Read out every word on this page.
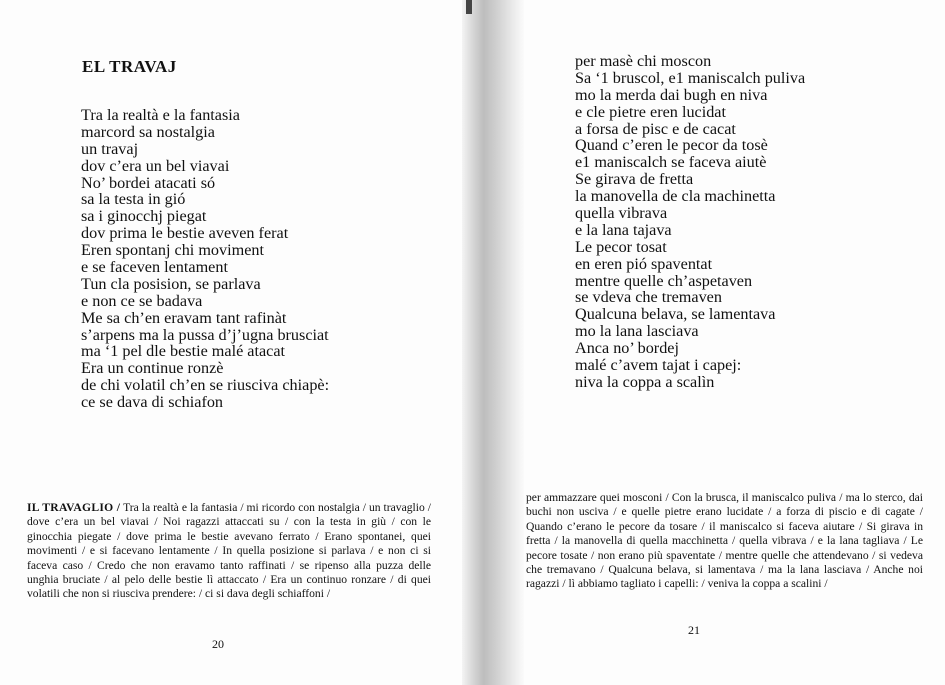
EL TRAVAJ
Tra la realtà e la fantasia
marcord sa nostalgia
un travaj
dov c’era un bel viavai
No’ bordei atacati só
sa la testa in gió
sa i ginocchj piegat
dov prima le bestie aveven ferat
Eren spontanj chi moviment
e se faceven lentament
Tun cla posision, se parlava
e non ce se badava
Me sa ch’en eravam tant rafinàt
s’arpens ma la pussa d’j’ugna brusciat
ma ‘1 pel dle bestie malé atacat
Era un continue ronzè
de chi volatil ch’en se riusciva chiapè:
ce se dava di schiafon

IL TRAVAGLIO / Tra la realtà e la fantasia / mi ricordo con nostalgia / un travaglio / dove c’era un bel viavai / Noi ragazzi attaccati su / con la testa in giù / con le ginocchia piegate / dove prima le bestie avevano ferrato / Erano spontanei, quei movimenti / e si facevano lentamente / In quella posizione si parlava / e non ci si faceva caso / Credo che non eravamo tanto raffinati / se ripenso alla puzza delle unghia bruciate / al pelo delle bestie lì attaccato / Era un continuo ronzare / di quei volatili che non si riusciva prendere: / ci si dava degli schiaffoni /

20
per masè chi moscon
Sa ‘1 bruscol, e1 maniscalch puliva
mo la merda dai bugh en niva
e cle pietre eren lucidat
a forsa de pisc e de cacat
Quand c’eren le pecor da tosè
e1 maniscalch se faceva aiutè
Se girava de fretta
la manovella de cla machinetta
quella vibrava
e la lana tajava
Le pecor tosat
en eren pió spaventat
mentre quelle ch’aspetaven
se vdeva che tremaven
Qualcuna belava, se lamentava
mo la lana lasciava
Anca no’ bordej
malé c’avem tajat i capej:
niva la coppa a scalìn

per ammazzare quei mosconi / Con la brusca, il maniscalco puliva / ma lo sterco, dai buchi non usciva / e quelle pietre erano lucidate / a forza di piscio e di cagate / Quando c’erano le pecore da tosare / il maniscalco si faceva aiutare / Si girava in fretta / la manovella di quella macchinetta / quella vibrava / e la lana tagliava / Le pecore tosate / non erano più spaventate / mentre quelle che attendevano / si vedeva che tremavano / Qualcuna belava, si lamentava / ma la lana lasciava / Anche noi ragazzi / lì abbiamo tagliato i capelli: / veniva la coppa a scalini /

21
